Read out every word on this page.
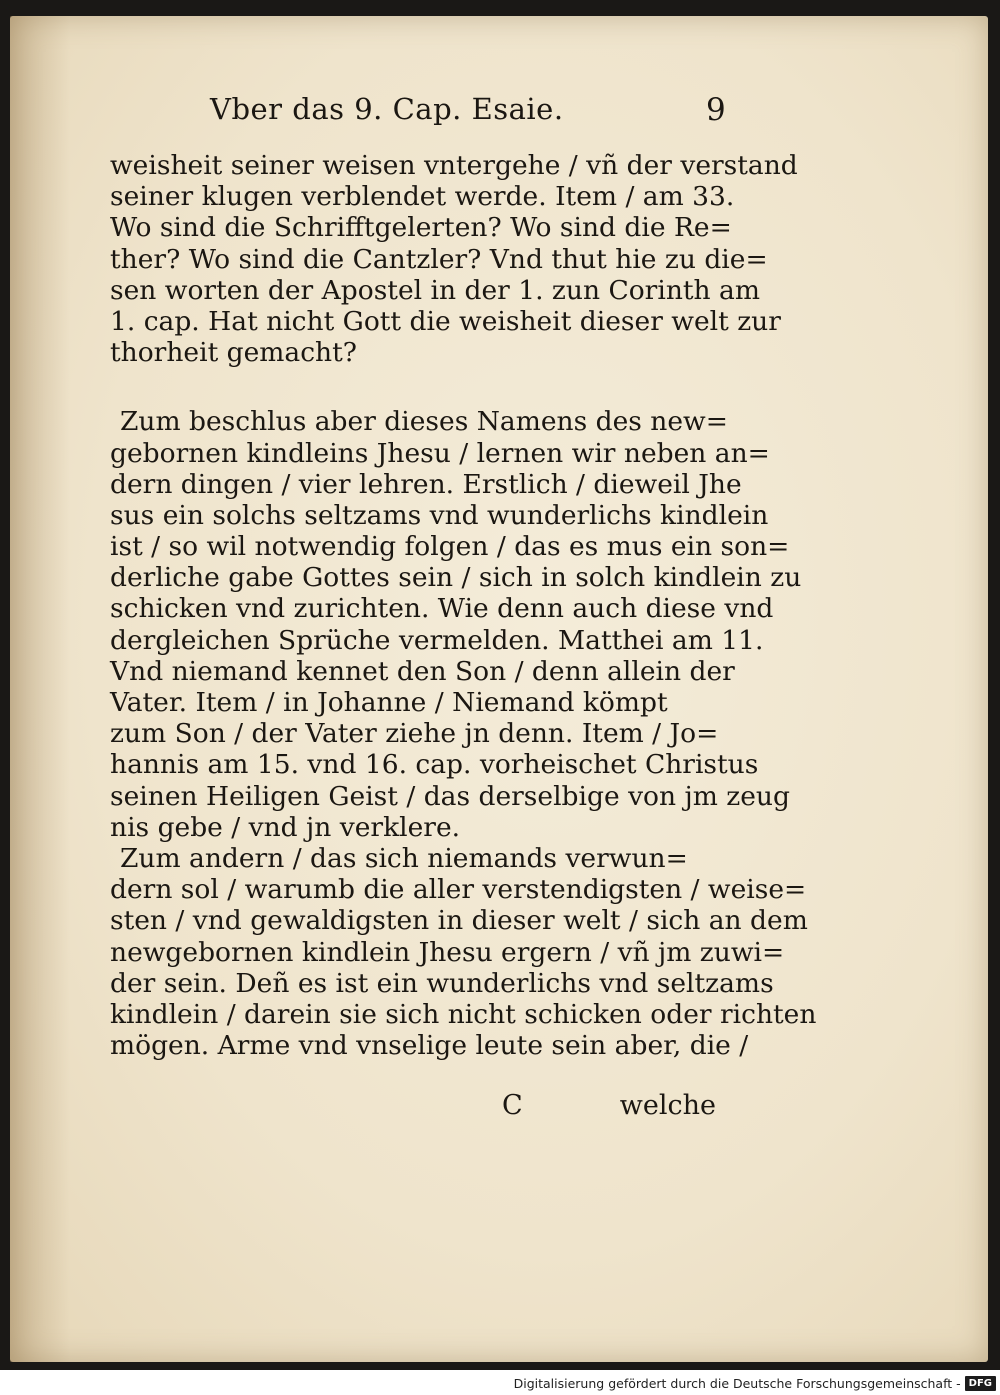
Vber das 9. Cap. Esaie.	9
weisheit seiner weisen vntergehe / vñ der verstand
seiner klugen verblendet werde. Item / am 33.
Wo sind die Schrifftgelerten? Wo sind die Re=
ther? Wo sind die Cantzler? Vnd thut hie zu die=
sen worten der Apostel in der 1. zun Corinth am
1. cap. Hat nicht Gott die weisheit dieser welt zur
thorheit gemacht?
Zum beschlus aber dieses Namens des new=
gebornen kindleins Jhesu / lernen wir neben an=
dern dingen / vier lehren. Erstlich / dieweil Jhe
sus ein solchs seltzams vnd wunderlichs kindlein
ist / so wil notwendig folgen / das es mus ein son=
derliche gabe Gottes sein / sich in solch kindlein zu
schicken vnd zurichten. Wie denn auch diese vnd
dergleichen Sprüche vermelden. Matthei am 11.
Vnd niemand kennet den Son / denn allein der
Vater. Item / in Johanne / Niemand kömpt
zum Son / der Vater ziehe jn denn. Item / Jo=
hannis am 15. vnd 16. cap. vorheischet Christus
seinen Heiligen Geist / das derselbige von jm zeug
nis gebe / vnd jn verklere.
Zum andern / das sich niemands verwun=
dern sol / warumb die aller verstendigsten / weise=
sten / vnd gewaldigsten in dieser welt / sich an dem
newgebornen kindlein Jhesu ergern / vñ jm zuwi=
der sein. Deñ es ist ein wunderlichs vnd seltzams
kindlein / darein sie sich nicht schicken oder richten
mögen. Arme vnd vnselige leute sein aber, die /
C	welche
Digitalisierung gefördert durch die Deutsche Forschungsgemeinschaft - DFG
